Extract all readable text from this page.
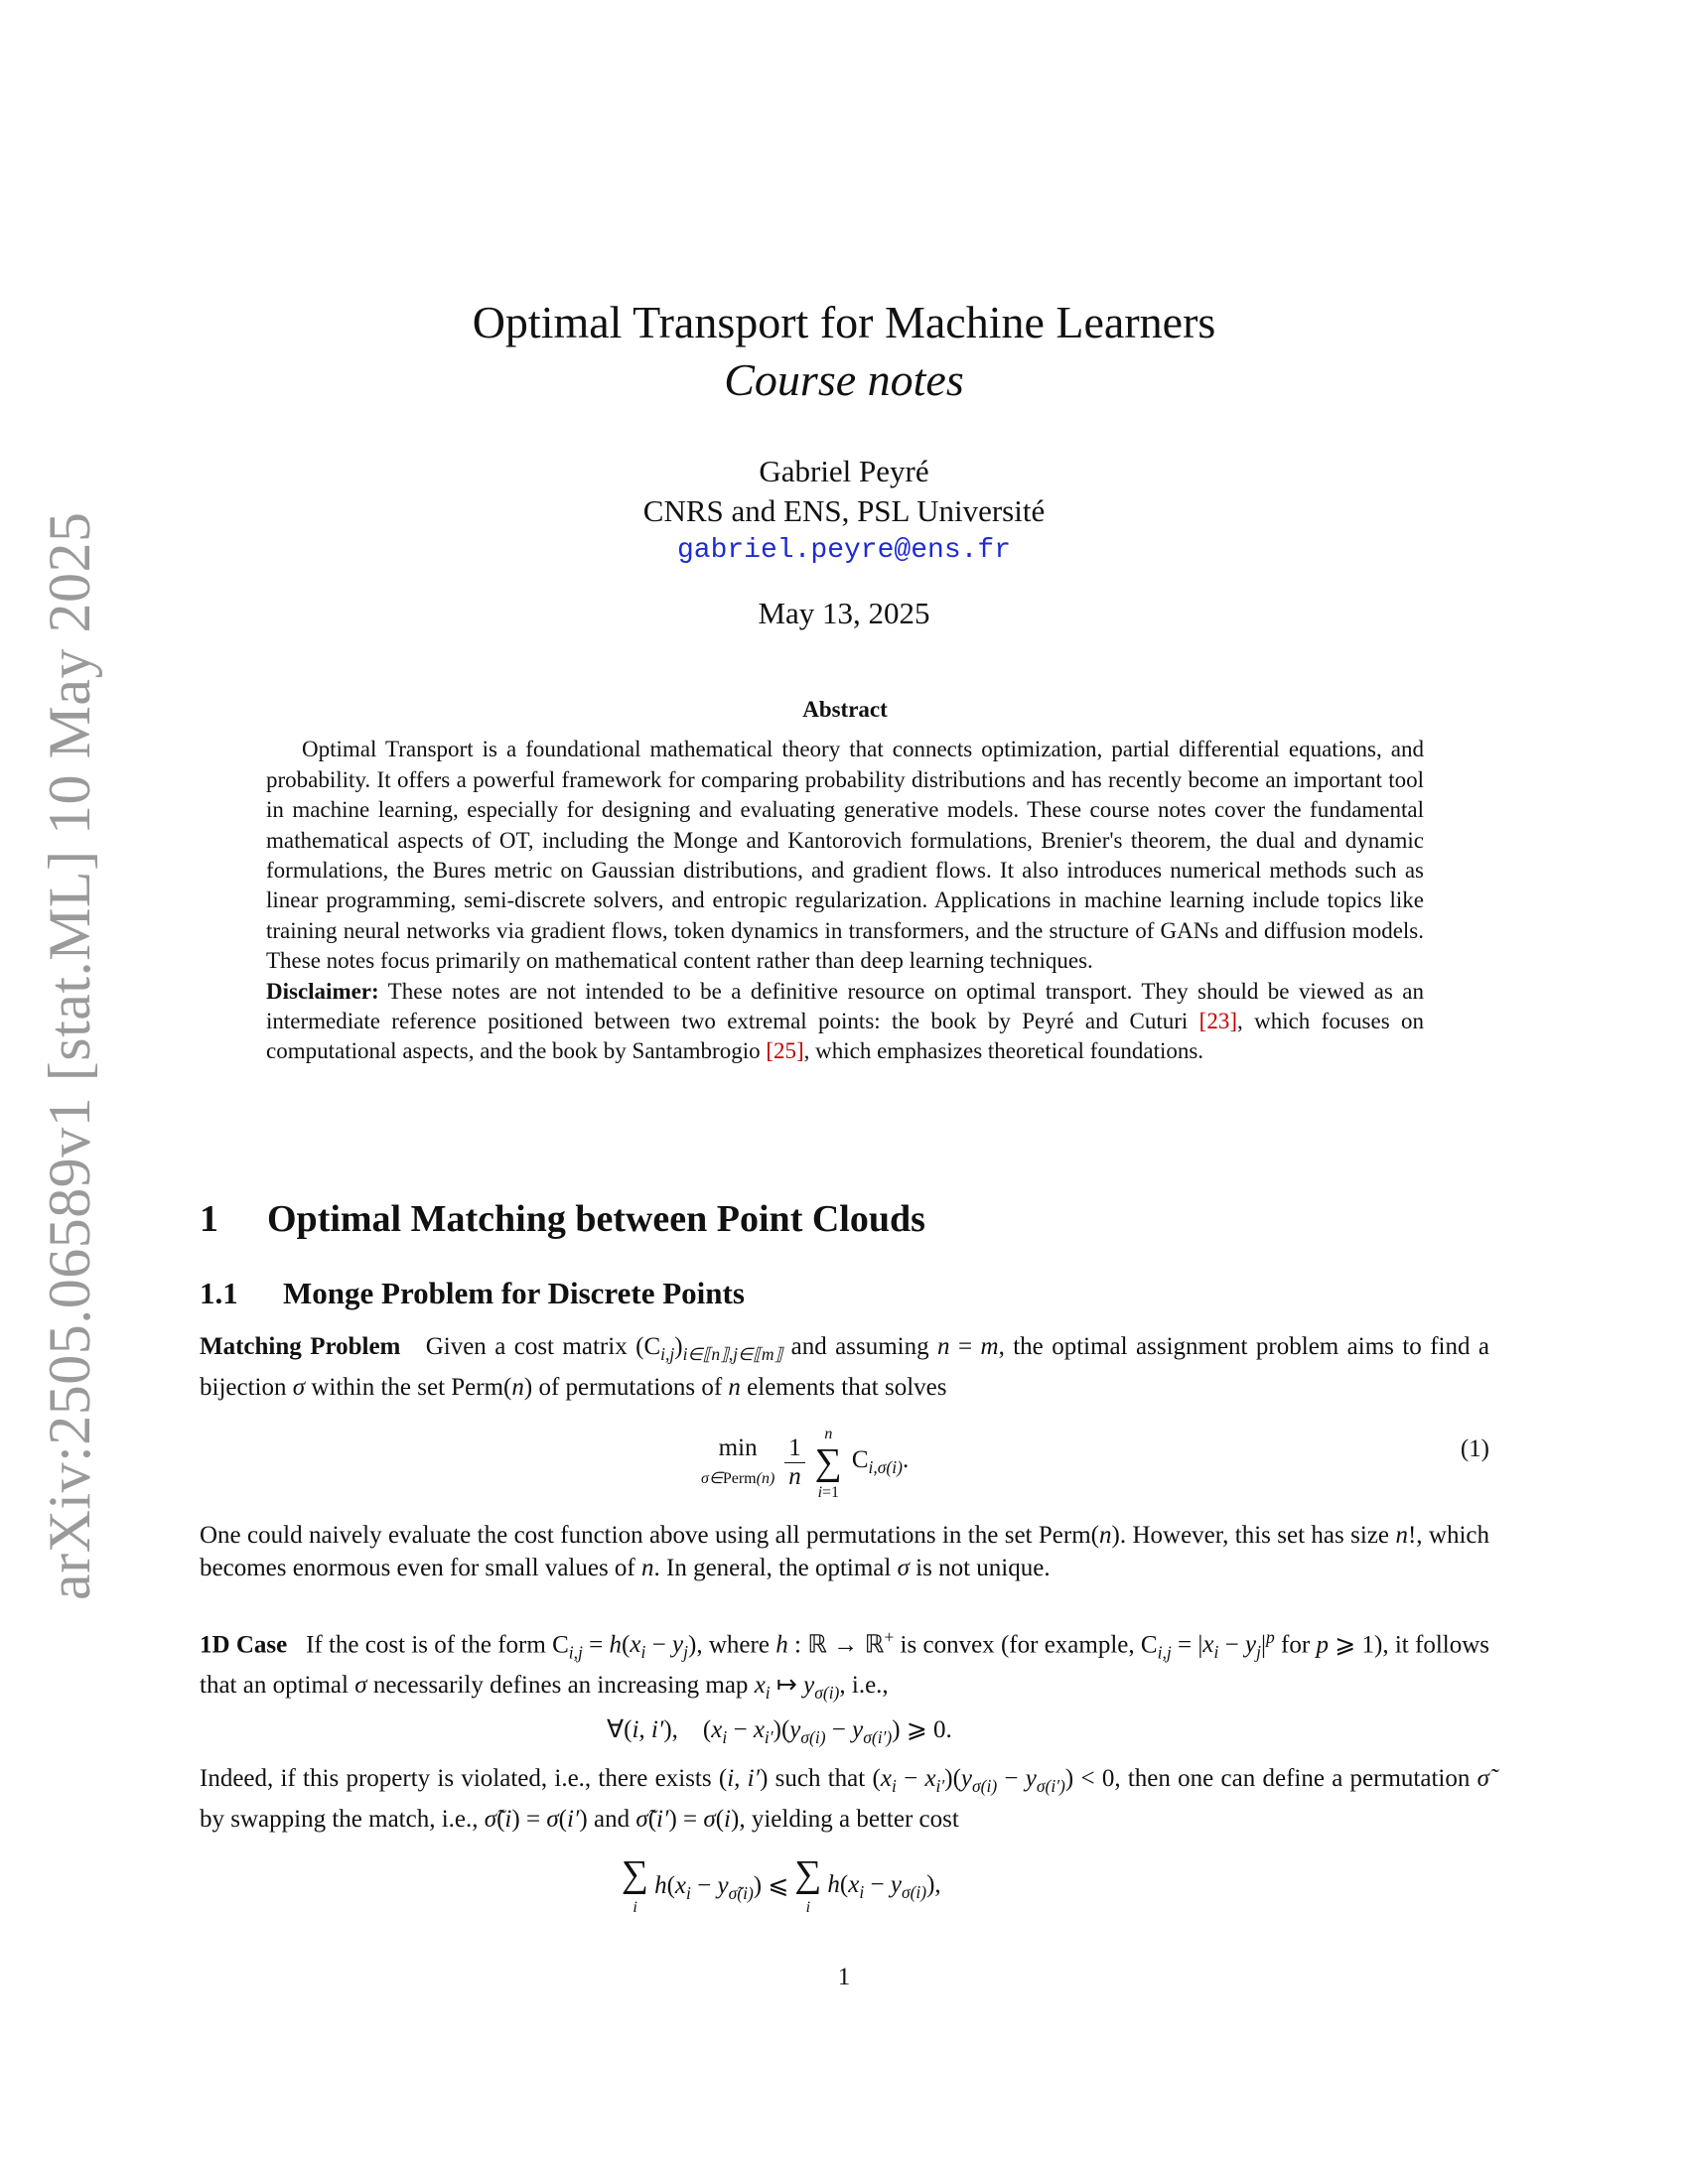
arXiv:2505.06589v1 [stat.ML] 10 May 2025
Optimal Transport for Machine Learners
Course notes
Gabriel Peyré
CNRS and ENS, PSL Université
gabriel.peyre@ens.fr
May 13, 2025
Abstract

Optimal Transport is a foundational mathematical theory that connects optimization, partial differential equations, and probability. It offers a powerful framework for comparing probability distributions and has recently become an important tool in machine learning, especially for designing and evaluating generative models. These course notes cover the fundamental mathematical aspects of OT, including the Monge and Kantorovich formulations, Brenier's theorem, the dual and dynamic formulations, the Bures metric on Gaussian distributions, and gradient flows. It also introduces numerical methods such as linear programming, semi-discrete solvers, and entropic regularization. Applications in machine learning include topics like training neural networks via gradient flows, token dynamics in transformers, and the structure of GANs and diffusion models. These notes focus primarily on mathematical content rather than deep learning techniques.

Disclaimer: These notes are not intended to be a definitive resource on optimal transport. They should be viewed as an intermediate reference positioned between two extremal points: the book by Peyré and Cuturi [23], which focuses on computational aspects, and the book by Santambrogio [25], which emphasizes theoretical foundations.

1 Optimal Matching between Point Clouds
1.1 Monge Problem for Discrete Points
Matching Problem Given a cost matrix $(C_{i,j})_{i\in⟦n⟧,j\in⟦m⟧}$ and assuming n = m, the optimal assignment problem aims to find a bijection σ within the set Perm(n) of permutations of n elements that solves
min
σ∈Perm(n) $\frac{1}{n}$	n
∑
i=1
$C_{i,\sigma(i)}$.	(1)
One could naively evaluate the cost function above using all permutations in the set Perm(n). However, this set has size n!, which becomes enormous even for small values of n. In general, the optimal σ is not unique.
1D Case If the cost is of the form $C_{i,j} = h(x_i - y_j)$, where h : ℝ → ℝ+ is convex (for example, $C_{i,j} = |x_i - y_j|^p$ for p ⩾ 1), it follows that an optimal σ necessarily defines an increasing map $x_i$ ↦ $y_{\sigma(i)}$, i.e.,
∀(i, i′),    $(x_i - x_{i'})(y_{\sigma(i)} - y_{\sigma(i')})$ ⩾ 0.
Indeed, if this property is violated, i.e., there exists (i, i′) such that $(x_i - x_{i'})(y_{\sigma(i)} - y_{\sigma(i')}) < 0$, then one can define a permutation σ̃ by swapping the match, i.e., σ̃(i) = σ(i′) and σ̃(i′) = σ(i), yielding a better cost
∑
i
$h(x_i - y_{\sigmã(i)})$ ⩽ ∑
i
$h(x_i - y_{\sigma(i)})$,
1
